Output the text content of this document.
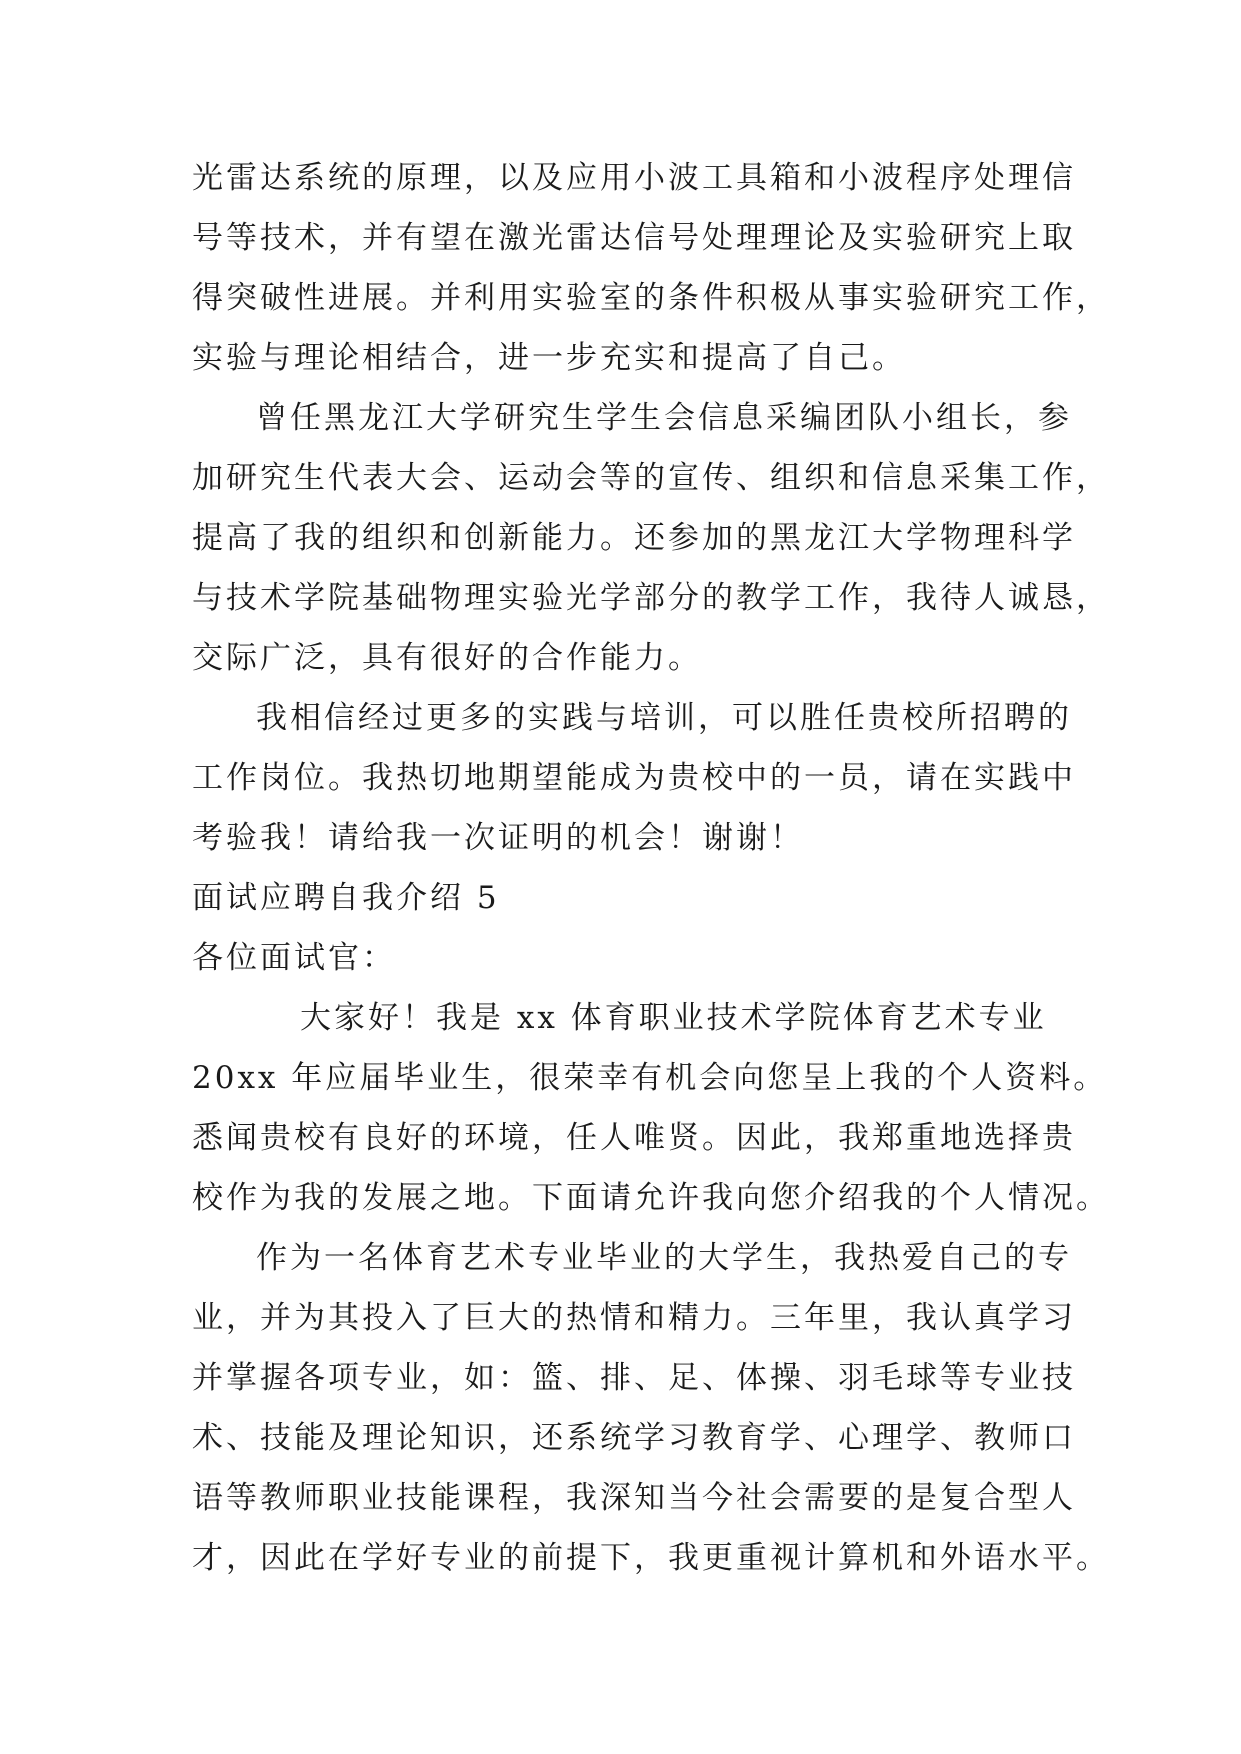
光雷达系统的原理，以及应用小波工具箱和小波程序处理信
号等技术，并有望在激光雷达信号处理理论及实验研究上取
得突破性进展。并利用实验室的条件积极从事实验研究工作，
实验与理论相结合，进一步充实和提高了自己。
曾任黑龙江大学研究生学生会信息采编团队小组长，参
加研究生代表大会、运动会等的宣传、组织和信息采集工作，
提高了我的组织和创新能力。还参加的黑龙江大学物理科学
与技术学院基础物理实验光学部分的教学工作，我待人诚恳，
交际广泛，具有很好的合作能力。
我相信经过更多的实践与培训，可以胜任贵校所招聘的
工作岗位。我热切地期望能成为贵校中的一员，请在实践中
考验我！请给我一次证明的机会！谢谢！
面试应聘自我介绍 5
各位面试官：
大家好！我是 xx 体育职业技术学院体育艺术专业
20xx 年应届毕业生，很荣幸有机会向您呈上我的个人资料。
悉闻贵校有良好的环境，任人唯贤。因此，我郑重地选择贵
校作为我的发展之地。下面请允许我向您介绍我的个人情况。
作为一名体育艺术专业毕业的大学生，我热爱自己的专
业，并为其投入了巨大的热情和精力。三年里，我认真学习
并掌握各项专业，如：篮、排、足、体操、羽毛球等专业技
术、技能及理论知识，还系统学习教育学、心理学、教师口
语等教师职业技能课程，我深知当今社会需要的是复合型人
才，因此在学好专业的前提下，我更重视计算机和外语水平。
